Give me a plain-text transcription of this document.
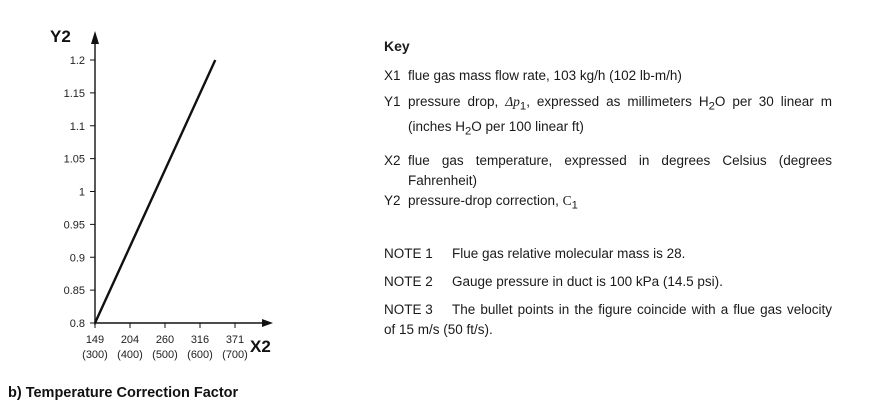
0.8
0.85
0.9
0.95
1
1.05
1.1
1.15
1.2
149
(300)
204
(400)
260
(500)
316
(600)
371
(700)
Y2
X2
b) Temperature Correction Factor
Key
X1 flue gas mass flow rate, 103 kg/h (102 lb-m/h)
Y1 pressure drop, $\Delta p_1$, expressed as millimeters $H_2O$ per 30 linear m (inches $H_2O$ per 100 linear ft)
X2 flue gas temperature, expressed in degrees Celsius (degrees Fahrenheit)
Y2 pressure-drop correction, $C_1$
NOTE 1 Flue gas relative molecular mass is 28.
NOTE 2 Gauge pressure in duct is 100 kPa (14.5 psi).
NOTE 3 The bullet points in the figure coincide with a flue gas velocity of 15 m/s (50 ft/s).
